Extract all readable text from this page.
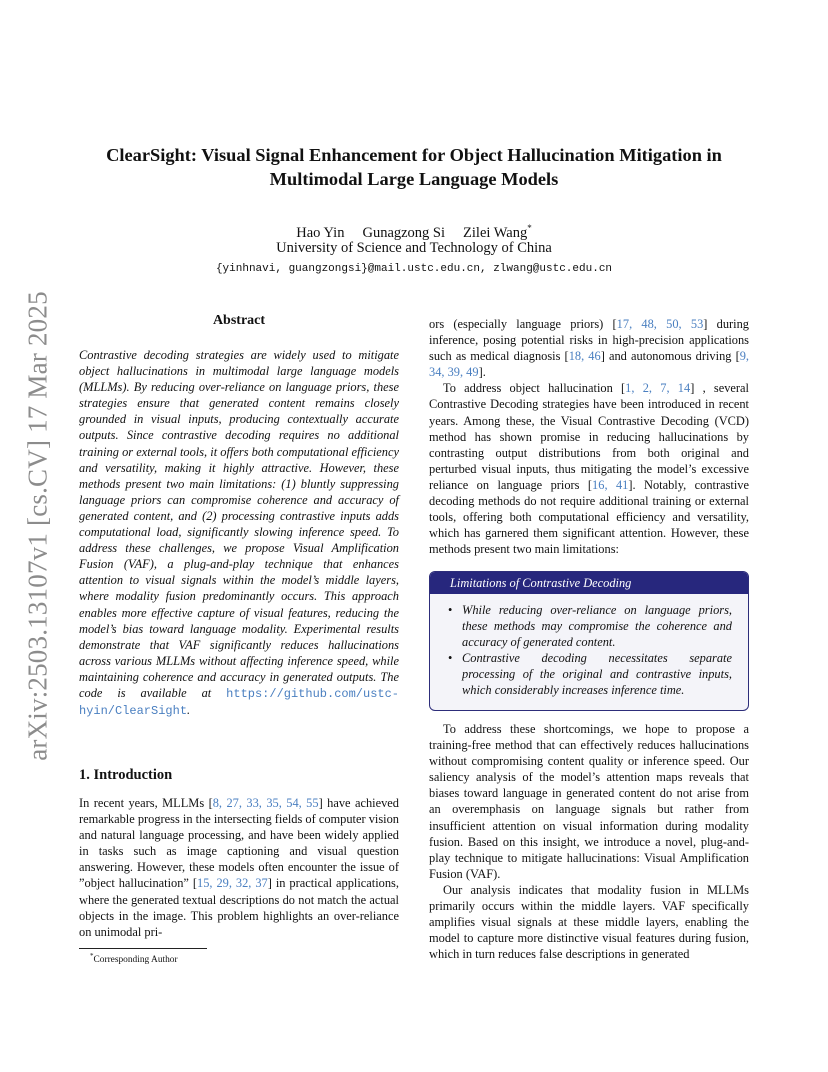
arXiv:2503.13107v1 [cs.CV] 17 Mar 2025
ClearSight: Visual Signal Enhancement for Object Hallucination Mitigation in
Multimodal Large Language Models
Hao Yin Gunagzong Si Zilei Wang*
University of Science and Technology of China
{yinhnavi, guangzongsi}@mail.ustc.edu.cn, zlwang@ustc.edu.cn
Abstract
Contrastive decoding strategies are widely used to mitigate object hallucinations in multimodal large language models (MLLMs). By reducing over-reliance on language priors, these strategies ensure that generated content remains closely grounded in visual inputs, producing contextually accurate outputs. Since contrastive decoding requires no additional training or external tools, it offers both computational efficiency and versatility, making it highly attractive. However, these methods present two main limitations: (1) bluntly suppressing language priors can compromise coherence and accuracy of generated content, and (2) processing contrastive inputs adds computational load, significantly slowing inference speed. To address these challenges, we propose Visual Amplification Fusion (VAF), a plug-and-play technique that enhances attention to visual signals within the model’s middle layers, where modality fusion predominantly occurs. This approach enables more effective capture of visual features, reducing the model’s bias toward language modality. Experimental results demonstrate that VAF significantly reduces hallucinations across various MLLMs without affecting inference speed, while maintaining coherence and accuracy in generated outputs. The code is available at https://github.com/ustc-hyin/ClearSight.
1. Introduction

In recent years, MLLMs [8, 27, 33, 35, 54, 55] have achieved remarkable progress in the intersecting fields of computer vision and natural language processing, and have been widely applied in tasks such as image captioning and visual question answering. However, these models often encounter the issue of ”object hallucination” [15, 29, 32, 37] in practical applications, where the generated textual descriptions do not match the actual objects in the image. This problem highlights an over-reliance on unimodal pri-

*Corresponding Author

ors (especially language priors) [17, 48, 50, 53] during inference, posing potential risks in high-precision applications such as medical diagnosis [18, 46] and autonomous driving [9, 34, 39, 49].

To address object hallucination [1, 2, 7, 14] , several Contrastive Decoding strategies have been introduced in recent years. Among these, the Visual Contrastive Decoding (VCD) method has shown promise in reducing hallucinations by contrasting output distributions from both original and perturbed visual inputs, thus mitigating the model’s excessive reliance on language priors [16, 41]. Notably, contrastive decoding methods do not require additional training or external tools, offering both computational efficiency and versatility, which has garnered them significant attention. However, these methods present two main limitations:

Limitations of Contrastive Decoding
• While reducing over-reliance on language priors, these methods may compromise the coherence and accuracy of generated content.
• Contrastive decoding necessitates separate processing of the original and contrastive inputs, which considerably increases inference time.

To address these shortcomings, we hope to propose a training-free method that can effectively reduces hallucinations without compromising content quality or inference speed. Our saliency analysis of the model’s attention maps reveals that biases toward language in generated content do not arise from an overemphasis on language signals but rather from insufficient attention on visual information during modality fusion. Based on this insight, we introduce a novel, plug-and-play technique to mitigate hallucinations: Visual Amplification Fusion (VAF).

Our analysis indicates that modality fusion in MLLMs primarily occurs within the middle layers. VAF specifically amplifies visual signals at these middle layers, enabling the model to capture more distinctive visual features during fusion, which in turn reduces false descriptions in generated
